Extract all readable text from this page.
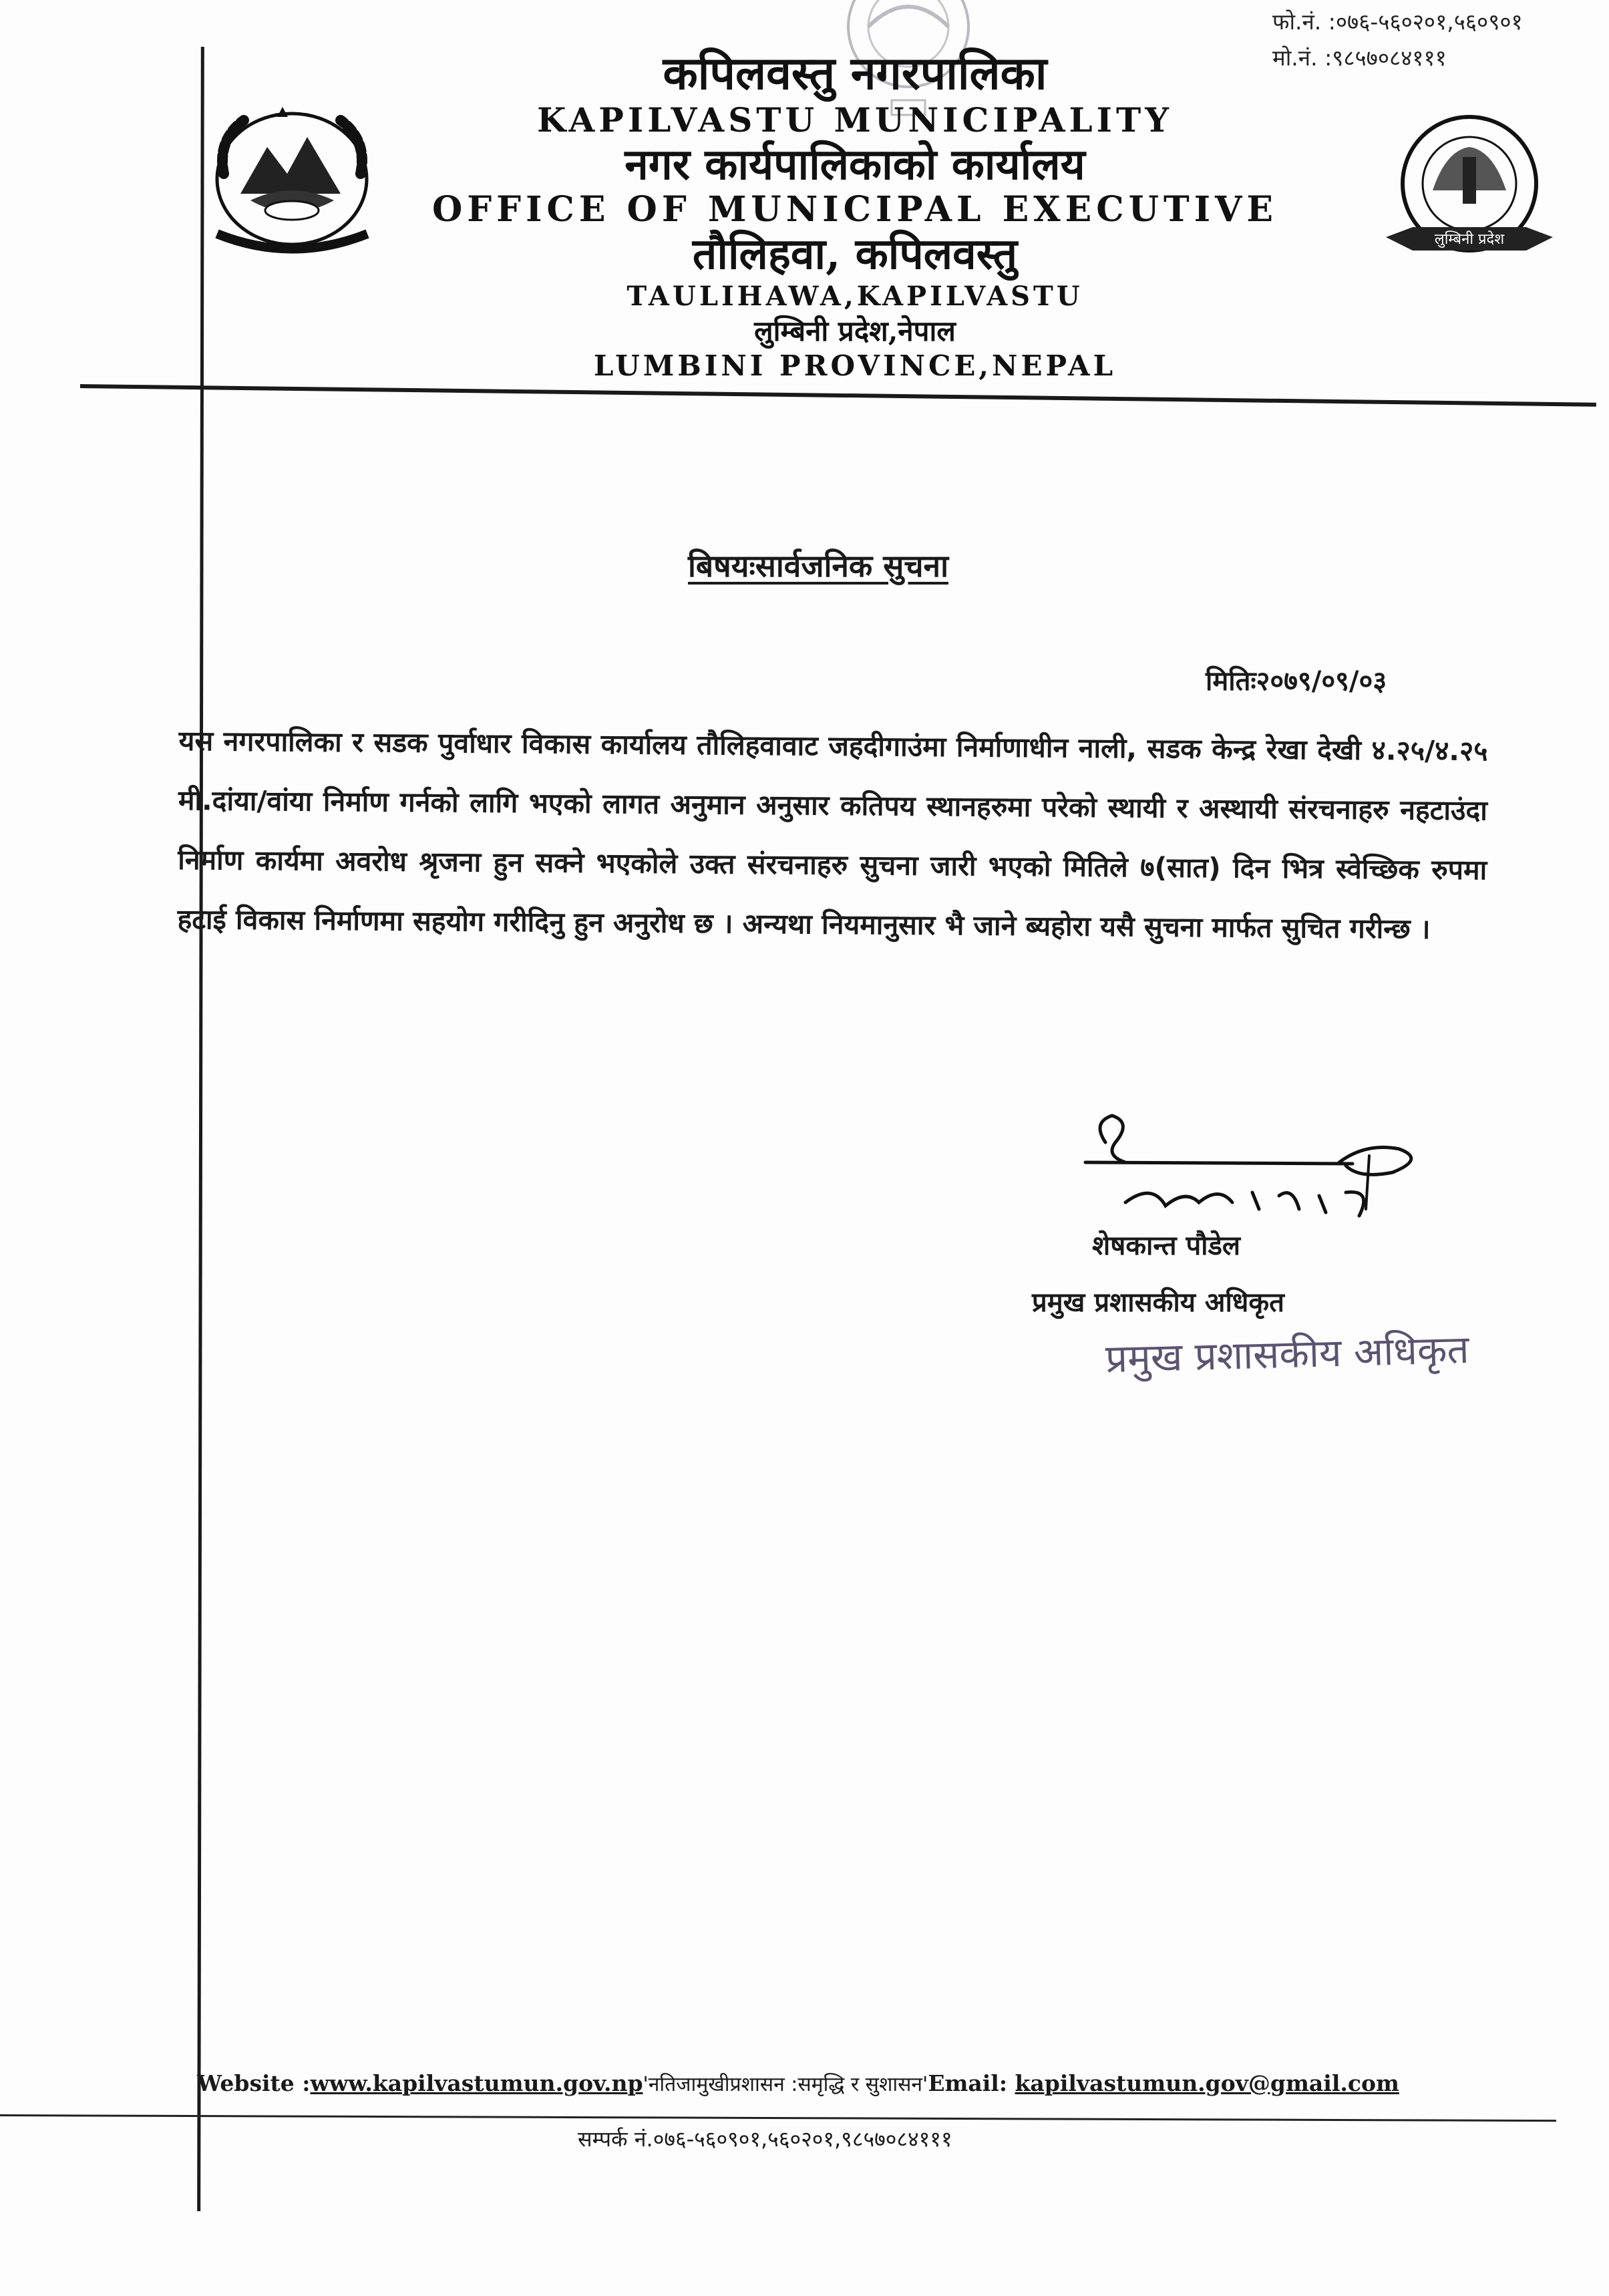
फो.नं. :०७६-५६०२०१,५६०९०१
मो.नं. :९८५७०८४१११
लुम्बिनी प्रदेश
कपिलवस्तु नगरपालिका
KAPILVASTU MUNICIPALITY
नगर कार्यपालिकाको कार्यालय
OFFICE OF MUNICIPAL EXECUTIVE
तौलिहवा, कपिलवस्तु
TAULIHAWA,KAPILVASTU
लुम्बिनी प्रदेश,नेपाल
LUMBINI PROVINCE,NEPAL
बिषयःसार्वजनिक सुचना
मितिः२०७९/०९/०३
यस नगरपालिका र सडक पुर्वाधार विकास कार्यालय तौलिहवावाट जहदीगाउंमा निर्माणाधीन नाली, सडक केन्द्र रेखा देखी ४.२५/४.२५ मी.दांया/वांया निर्माण गर्नको लागि भएको लागत अनुमान अनुसार कतिपय स्थानहरुमा परेको स्थायी र अस्थायी संरचनाहरु नहटाउंदा निर्माण कार्यमा अवरोध श्रृजना हुन सक्ने भएकोले उक्त संरचनाहरु सुचना जारी भएको मितिले ७(सात) दिन भित्र स्वेच्छिक रुपमा हटाई विकास निर्माणमा सहयोग गरीदिनु हुन अनुरोध छ । अन्यथा नियमानुसार भै जाने ब्यहोरा यसै सुचना मार्फत सुचित गरीन्छ ।
शेषकान्त पौडेल
प्रमुख प्रशासकीय अधिकृत
प्रमुख प्रशासकीय अधिकृत
Website :www.kapilvastumun.gov.np'नतिजामुखीप्रशासन :समृद्धि र सुशासन'Email: kapilvastumun.gov@gmail.com
सम्पर्क नं.०७६-५६०९०१,५६०२०१,९८५७०८४१११
